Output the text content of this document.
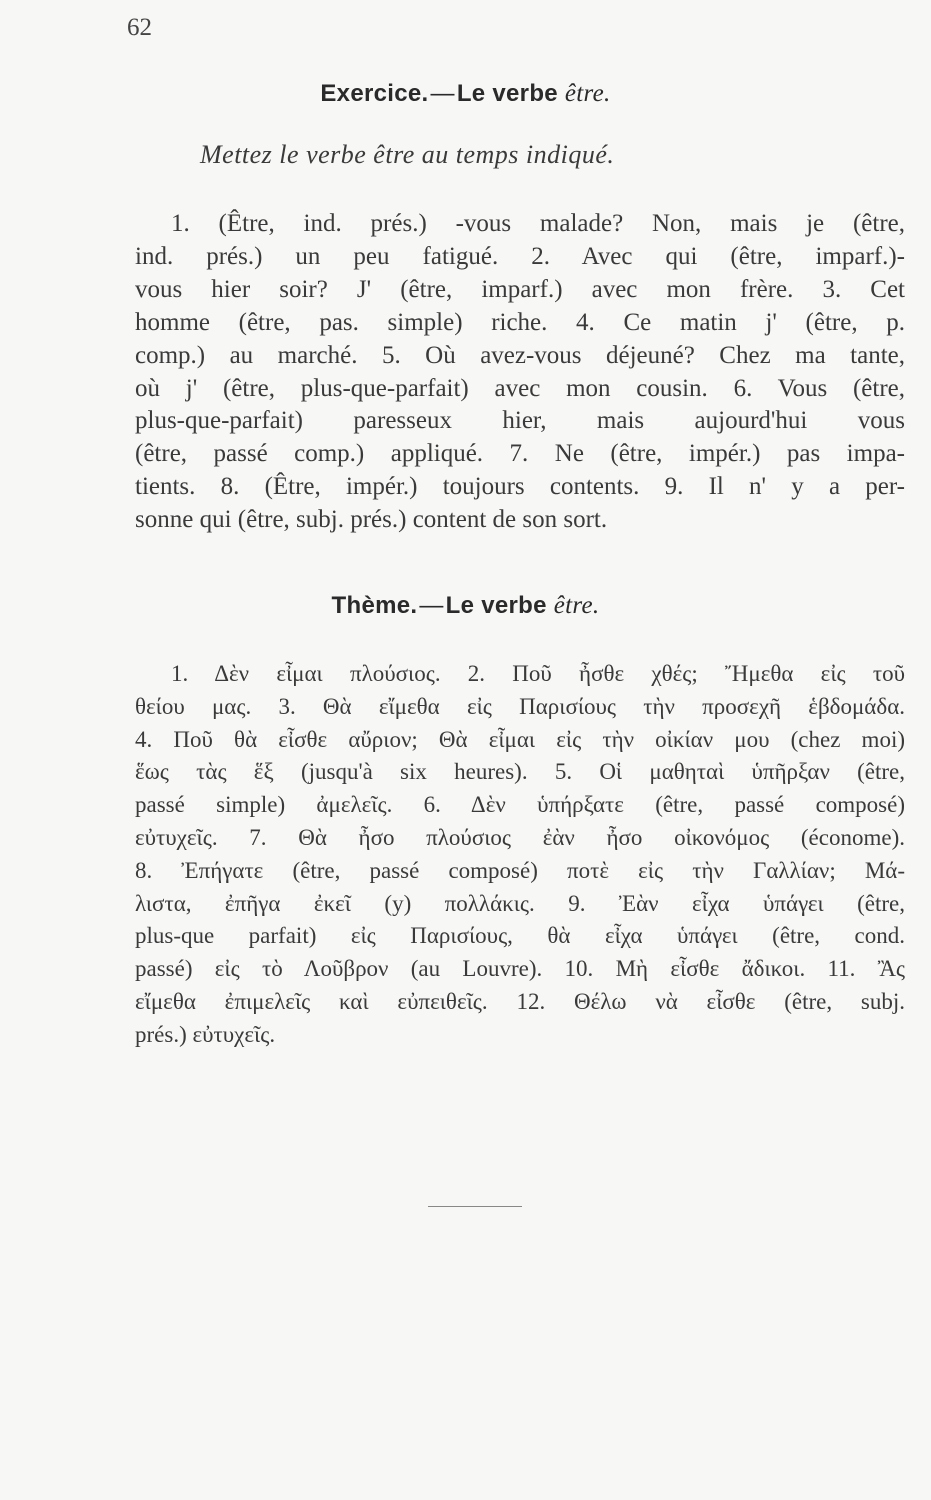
62
Exercice.—Le verbe être.
Mettez le verbe être au temps indiqué.
1. (Être, ind. prés.) -vous malade? Non, mais je (être,
ind. prés.) un peu fatigué. 2. Avec qui (être, imparf.)-
vous hier soir? J' (être, imparf.) avec mon frère. 3. Cet
homme (être, pas. simple) riche. 4. Ce matin j' (être, p.
comp.) au marché. 5. Où avez-vous déjeuné? Chez ma tante,
où j' (être, plus-que-parfait) avec mon cousin. 6. Vous (être,
plus-que-parfait) paresseux hier, mais aujourd'hui vous
(être, passé comp.) appliqué. 7. Ne (être, impér.) pas impa-
tients. 8. (Être, impér.) toujours contents. 9. Il n' y a per-
sonne qui (être, subj. prés.) content de son sort.
Thème.—Le verbe être.
1. Δὲν εἶμαι πλούσιος. 2. Ποῦ ἦσθε χθές; Ἤμεθα εἰς τοῦ
θείου μας. 3. Θὰ εἴμεθα εἰς Παρισίους τὴν προσεχῆ ἑβδομάδα.
4. Ποῦ θὰ εἶσθε αὔριον; Θὰ εἶμαι εἰς τὴν οἰκίαν μου (chez moi)
ἕως τὰς ἕξ (jusqu'à six heures). 5. Οἱ μαθηταὶ ὑπῆρξαν (être,
passé simple) ἀμελεῖς. 6. Δὲν ὑπήρξατε (être, passé composé)
εὐτυχεῖς. 7. Θὰ ἦσο πλούσιος ἐὰν ἦσο οἰκονόμος (économe).
8. Ἐπήγατε (être, passé composé) ποτὲ εἰς τὴν Γαλλίαν; Μά-
λιστα, ἐπῆγα ἐκεῖ (y) πολλάκις. 9. Ἐὰν εἶχα ὑπάγει (être,
plus-que parfait) εἰς Παρισίους, θὰ εἶχα ὑπάγει (être, cond.
passé) εἰς τὸ Λοῦβρον (au Louvre). 10. Μὴ εἶσθε ἄδικοι. 11. Ἂς
εἴμεθα ἐπιμελεῖς καὶ εὐπειθεῖς. 12. Θέλω νὰ εἶσθε (être, subj.
prés.) εὐτυχεῖς.
